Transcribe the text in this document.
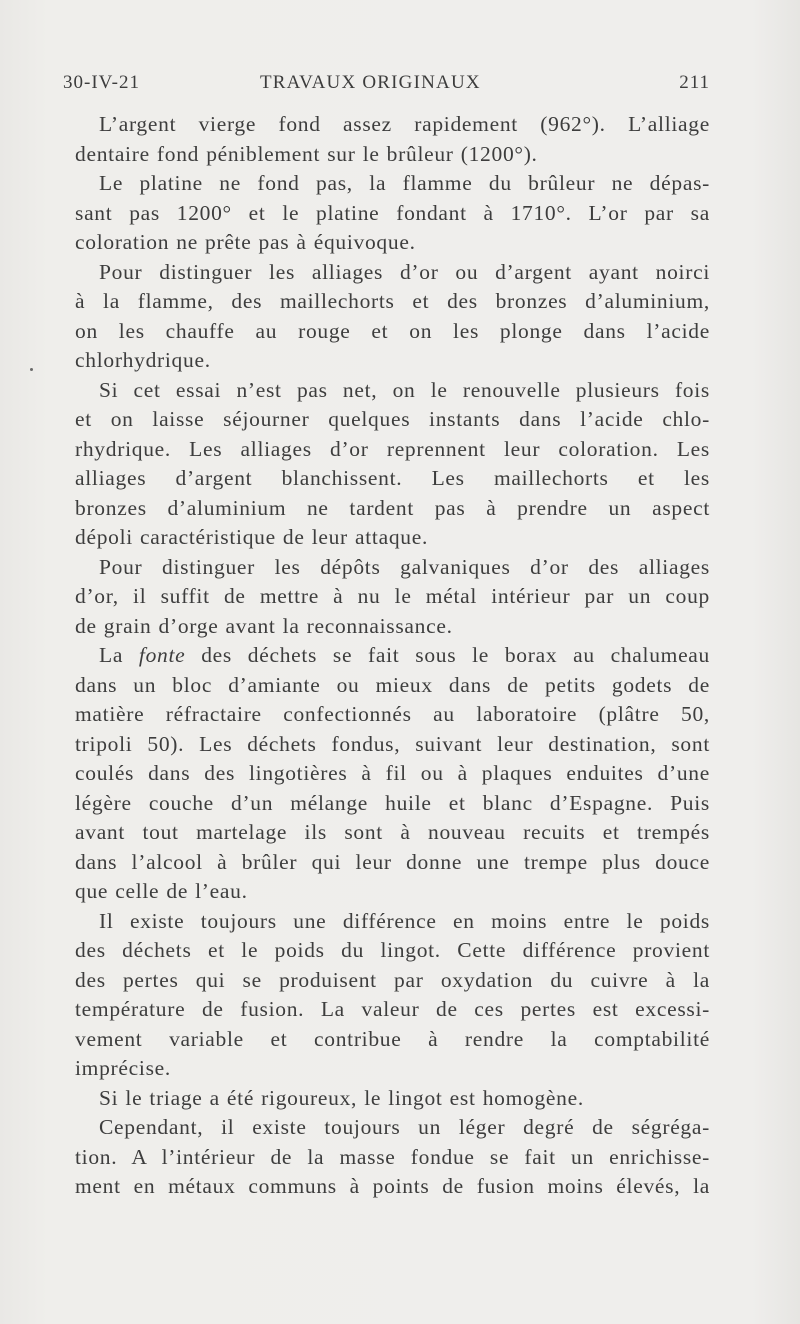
30-IV-21	TRAVAUX ORIGINAUX	211
L’argent vierge fond assez rapidement (962°). L’alliage
dentaire fond péniblement sur le brûleur (1200°).
Le platine ne fond pas, la flamme du brûleur ne dépas-
sant pas 1200° et le platine fondant à 1710°. L’or par sa
coloration ne prête pas à équivoque.
Pour distinguer les alliages d’or ou d’argent ayant noirci
à la flamme, des maillechorts et des bronzes d’aluminium,
on les chauffe au rouge et on les plonge dans l’acide
chlorhydrique.
Si cet essai n’est pas net, on le renouvelle plusieurs fois
et on laisse séjourner quelques instants dans l’acide chlo-
rhydrique. Les alliages d’or reprennent leur coloration. Les
alliages d’argent blanchissent. Les maillechorts et les
bronzes d’aluminium ne tardent pas à prendre un aspect
dépoli caractéristique de leur attaque.
Pour distinguer les dépôts galvaniques d’or des alliages
d’or, il suffit de mettre à nu le métal intérieur par un coup
de grain d’orge avant la reconnaissance.
La fonte des déchets se fait sous le borax au chalumeau
dans un bloc d’amiante ou mieux dans de petits godets de
matière réfractaire confectionnés au laboratoire (plâtre 50,
tripoli 50). Les déchets fondus, suivant leur destination, sont
coulés dans des lingotières à fil ou à plaques enduites d’une
légère couche d’un mélange huile et blanc d’Espagne. Puis
avant tout martelage ils sont à nouveau recuits et trempés
dans l’alcool à brûler qui leur donne une trempe plus douce
que celle de l’eau.
Il existe toujours une différence en moins entre le poids
des déchets et le poids du lingot. Cette différence provient
des pertes qui se produisent par oxydation du cuivre à la
température de fusion. La valeur de ces pertes est excessi-
vement variable et contribue à rendre la comptabilité
imprécise.
Si le triage a été rigoureux, le lingot est homogène.
Cependant, il existe toujours un léger degré de ségréga-
tion. A l’intérieur de la masse fondue se fait un enrichisse-
ment en métaux communs à points de fusion moins élevés, la
